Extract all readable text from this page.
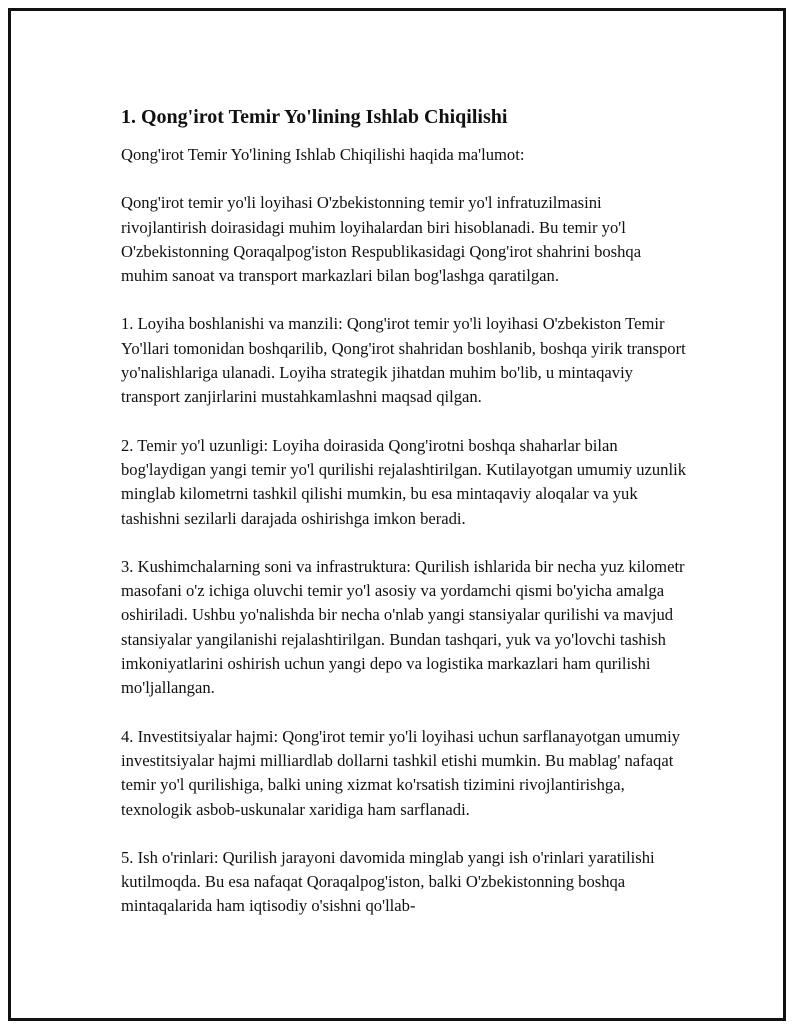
1. Qong'irot Temir Yo'lining Ishlab Chiqilishi

Qong'irot Temir Yo'lining Ishlab Chiqilishi haqida ma'lumot:

Qong'irot temir yo'li loyihasi O'zbekistonning temir yo'l infratuzilmasini rivojlantirish doirasidagi muhim loyihalardan biri hisoblanadi. Bu temir yo'l O'zbekistonning Qoraqalpog'iston Respublikasidagi Qong'irot shahrini boshqa muhim sanoat va transport markazlari bilan bog'lashga qaratilgan.

1. Loyiha boshlanishi va manzili: Qong'irot temir yo'li loyihasi O'zbekiston Temir Yo'llari tomonidan boshqarilib, Qong'irot shahridan boshlanib, boshqa yirik transport yo'nalishlariga ulanadi. Loyiha strategik jihatdan muhim bo'lib, u mintaqaviy transport zanjirlarini mustahkamlashni maqsad qilgan.

2. Temir yo'l uzunligi: Loyiha doirasida Qong'irotni boshqa shaharlar bilan bog'laydigan yangi temir yo'l qurilishi rejalashtirilgan. Kutilayotgan umumiy uzunlik minglab kilometrni tashkil qilishi mumkin, bu esa mintaqaviy aloqalar va yuk tashishni sezilarli darajada oshirishga imkon beradi.

3. Kushimchalarning soni va infrastruktura: Qurilish ishlarida bir necha yuz kilometr masofani o'z ichiga oluvchi temir yo'l asosiy va yordamchi qismi bo'yicha amalga oshiriladi. Ushbu yo'nalishda bir necha o'nlab yangi stansiyalar qurilishi va mavjud stansiyalar yangilanishi rejalashtirilgan. Bundan tashqari, yuk va yo'lovchi tashish imkoniyatlarini oshirish uchun yangi depo va logistika markazlari ham qurilishi mo'ljallangan.

4. Investitsiyalar hajmi: Qong'irot temir yo'li loyihasi uchun sarflanayotgan umumiy investitsiyalar hajmi milliardlab dollarni tashkil etishi mumkin. Bu mablag' nafaqat temir yo'l qurilishiga, balki uning xizmat ko'rsatish tizimini rivojlantirishga, texnologik asbob-uskunalar xaridiga ham sarflanadi.

5. Ish o'rinlari: Qurilish jarayoni davomida minglab yangi ish o'rinlari yaratilishi kutilmoqda. Bu esa nafaqat Qoraqalpog'iston, balki O'zbekistonning boshqa mintaqalarida ham iqtisodiy o'sishni qo'llab-
